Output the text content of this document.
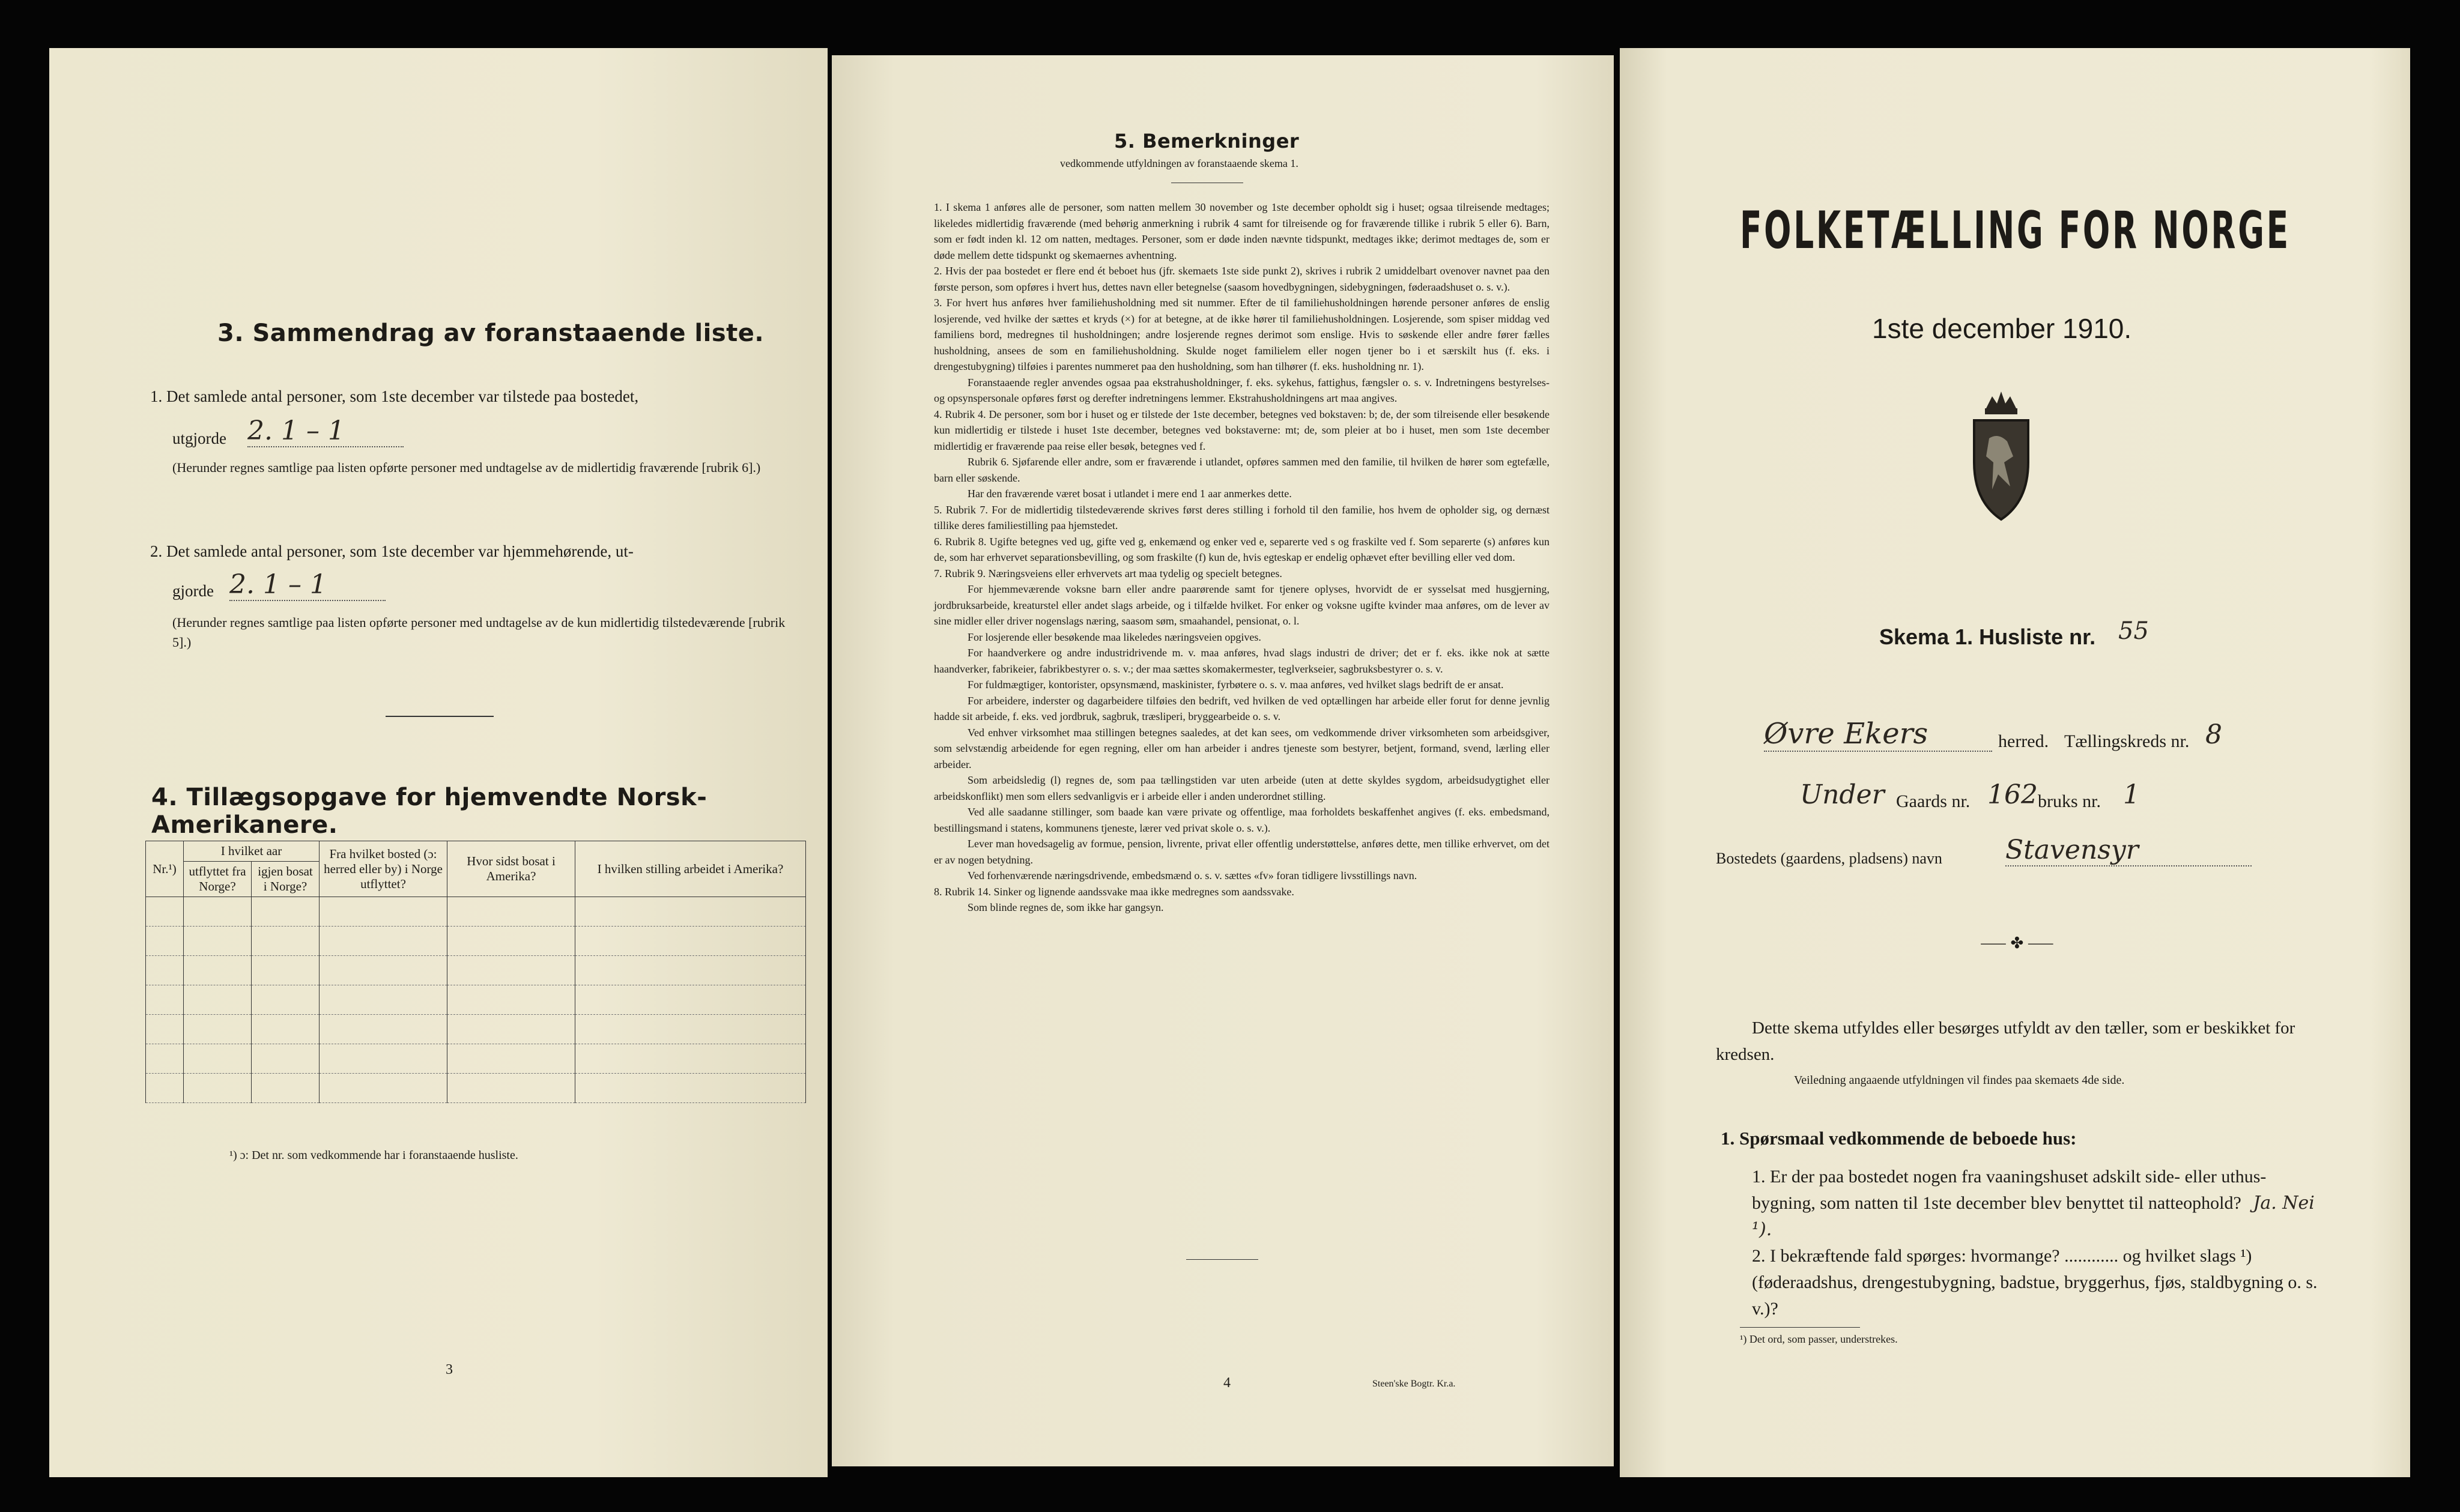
3. Sammendrag av foranstaaende liste.
1. Det samlede antal personer, som 1ste december var tilstede paa bostedet,
utgjorde 2. 1 – 1
(Herunder regnes samtlige paa listen opførte personer med undtagelse av de midlertidig fraværende [rubrik 6].)
2. Det samlede antal personer, som 1ste december var hjemmehørende, ut-
gjorde 2. 1 – 1
(Herunder regnes samtlige paa listen opførte personer med undtagelse av de kun midlertidig tilstedeværende [rubrik 5].)
4. Tillægsopgave for hjemvendte Norsk-Amerikanere.
Nr.¹)	I hvilket aar		Fra hvilket bosted (ɔ: herred eller by) i Norge utflyttet?	Hvor sidst bosat i Amerika?	I hvilken stilling arbeidet i Amerika?
	utflyttet fra Norge?	igjen bosat i Norge?			

¹) ɔ: Det nr. som vedkommende har i foranstaaende husliste.
3
5. Bemerkninger
vedkommende utfyldningen av foranstaaende skema 1.

1. I skema 1 anføres alle de personer, som natten mellem 30 november og 1ste december opholdt sig i huset; ogsaa tilreisende medtages; likeledes midlertidig fraværende (med behørig anmerkning i rubrik 4 samt for tilreisende og for fraværende tillike i rubrik 5 eller 6). Barn, som er født inden kl. 12 om natten, medtages. Personer, som er døde inden nævnte tidspunkt, medtages ikke; derimot medtages de, som er døde mellem dette tidspunkt og skemaernes avhentning.

2. Hvis der paa bostedet er flere end ét beboet hus (jfr. skemaets 1ste side punkt 2), skrives i rubrik 2 umiddelbart ovenover navnet paa den første person, som opføres i hvert hus, dettes navn eller betegnelse (saasom hovedbygningen, sidebygningen, føderaadshuset o. s. v.).

3. For hvert hus anføres hver familiehusholdning med sit nummer. Efter de til familiehusholdningen hørende personer anføres de enslig losjerende, ved hvilke der sættes et kryds (×) for at betegne, at de ikke hører til familiehusholdningen. Losjerende, som spiser middag ved familiens bord, medregnes til husholdningen; andre losjerende regnes derimot som enslige. Hvis to søskende eller andre fører fælles husholdning, ansees de som en familiehusholdning. Skulde noget familielem eller nogen tjener bo i et særskilt hus (f. eks. i drengestubygning) tilføies i parentes nummeret paa den husholdning, som han tilhører (f. eks. husholdning nr. 1).

Foranstaaende regler anvendes ogsaa paa ekstrahusholdninger, f. eks. sykehus, fattighus, fængsler o. s. v. Indretningens bestyrelses- og opsynspersonale opføres først og derefter indretningens lemmer. Ekstrahusholdningens art maa angives.

4. Rubrik 4. De personer, som bor i huset og er tilstede der 1ste december, betegnes ved bokstaven: b; de, der som tilreisende eller besøkende kun midlertidig er tilstede i huset 1ste december, betegnes ved bokstaverne: mt; de, som pleier at bo i huset, men som 1ste december midlertidig er fraværende paa reise eller besøk, betegnes ved f.

Rubrik 6. Sjøfarende eller andre, som er fraværende i utlandet, opføres sammen med den familie, til hvilken de hører som egtefælle, barn eller søskende.

Har den fraværende været bosat i utlandet i mere end 1 aar anmerkes dette.

5. Rubrik 7. For de midlertidig tilstedeværende skrives først deres stilling i forhold til den familie, hos hvem de opholder sig, og dernæst tillike deres familiestilling paa hjemstedet.

6. Rubrik 8. Ugifte betegnes ved ug, gifte ved g, enkemænd og enker ved e, separerte ved s og fraskilte ved f. Som separerte (s) anføres kun de, som har erhvervet separationsbevilling, og som fraskilte (f) kun de, hvis egteskap er endelig ophævet efter bevilling eller ved dom.

7. Rubrik 9. Næringsveiens eller erhvervets art maa tydelig og specielt betegnes.

For hjemmeværende voksne barn eller andre paarørende samt for tjenere oplyses, hvorvidt de er sysselsat med husgjerning, jordbruksarbeide, kreaturstel eller andet slags arbeide, og i tilfælde hvilket. For enker og voksne ugifte kvinder maa anføres, om de lever av sine midler eller driver nogenslags næring, saasom søm, smaahandel, pensionat, o. l.

For losjerende eller besøkende maa likeledes næringsveien opgives.

For haandverkere og andre industridrivende m. v. maa anføres, hvad slags industri de driver; det er f. eks. ikke nok at sætte haandverker, fabrikeier, fabrikbestyrer o. s. v.; der maa sættes skomakermester, teglverkseier, sagbruksbestyrer o. s. v.

For fuldmægtiger, kontorister, opsynsmænd, maskinister, fyrbøtere o. s. v. maa anføres, ved hvilket slags bedrift de er ansat.

For arbeidere, inderster og dagarbeidere tilføies den bedrift, ved hvilken de ved optællingen har arbeide eller forut for denne jevnlig hadde sit arbeide, f. eks. ved jordbruk, sagbruk, træsliperi, bryggearbeide o. s. v.

Ved enhver virksomhet maa stillingen betegnes saaledes, at det kan sees, om vedkommende driver virksomheten som arbeidsgiver, som selvstændig arbeidende for egen regning, eller om han arbeider i andres tjeneste som bestyrer, betjent, formand, svend, lærling eller arbeider.

Som arbeidsledig (l) regnes de, som paa tællingstiden var uten arbeide (uten at dette skyldes sygdom, arbeidsudygtighet eller arbeidskonflikt) men som ellers sedvanligvis er i arbeide eller i anden underordnet stilling.

Ved alle saadanne stillinger, som baade kan være private og offentlige, maa forholdets beskaffenhet angives (f. eks. embedsmand, bestillingsmand i statens, kommunens tjeneste, lærer ved privat skole o. s. v.).

Lever man hovedsagelig av formue, pension, livrente, privat eller offentlig understøttelse, anføres dette, men tillike erhvervet, om det er av nogen betydning.

Ved forhenværende næringsdrivende, embedsmænd o. s. v. sættes «fv» foran tidligere livsstillings navn.

8. Rubrik 14. Sinker og lignende aandssvake maa ikke medregnes som aandssvake.

Som blinde regnes de, som ikke har gangsyn.

4	Steen'ske Bogtr. Kr.a.
FOLKETÆLLING FOR NORGE
1ste december 1910.
Skema 1. Husliste nr. 55
Øvre Ekers	herred. Tællingskreds nr. 8
Under Gaards nr. 162 bruks nr. 1
Bostedets (gaardens, pladsens) navn Stavensyr
⸺ ✤ ⸺
Dette skema utfyldes eller besørges utfyldt av den tæller, som er beskikket for kredsen.
Veiledning angaaende utfyldningen vil findes paa skemaets 4de side.
1. Spørsmaal vedkommende de beboede hus:
1. Er der paa bostedet nogen fra vaaningshuset adskilt side- eller uthus-bygning, som natten til 1ste december blev benyttet til natteophold? Ja. Nei ¹).
2. I bekræftende fald spørges: hvormange? ............ og hvilket slags ¹) (føderaadshus, drengestubygning, badstue, bryggerhus, fjøs, staldbygning o. s. v.)?
¹) Det ord, som passer, understrekes.
